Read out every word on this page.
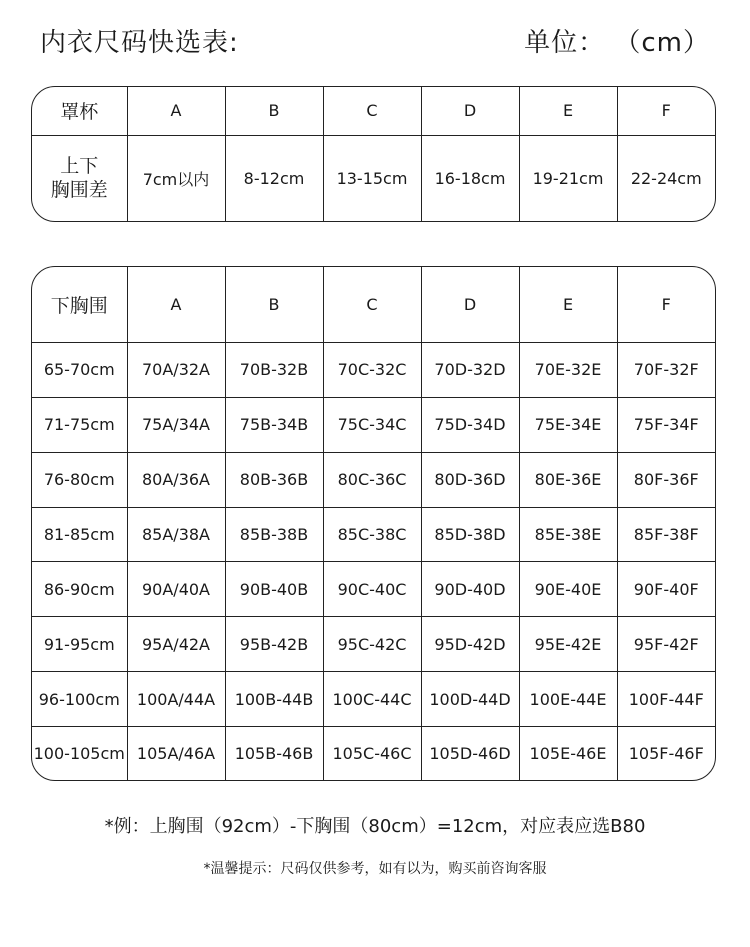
内衣尺码快选表:	单位： （cm）
罩杯	A	B	C	D	E	F

上下
胸围差	7cm以内	8-12cm	13-15cm	16-18cm	19-21cm	22-24cm
下胸围	A	B	C	D	E	F
65-70cm	70A/32A	70B-32B	70C-32C	70D-32D	70E-32E	70F-32F
71-75cm	75A/34A	75B-34B	75C-34C	75D-34D	75E-34E	75F-34F
76-80cm	80A/36A	80B-36B	80C-36C	80D-36D	80E-36E	80F-36F
81-85cm	85A/38A	85B-38B	85C-38C	85D-38D	85E-38E	85F-38F
86-90cm	90A/40A	90B-40B	90C-40C	90D-40D	90E-40E	90F-40F
91-95cm	95A/42A	95B-42B	95C-42C	95D-42D	95E-42E	95F-42F
96-100cm	100A/44A	100B-44B	100C-44C	100D-44D	100E-44E	100F-44F
100-105cm	105A/46A	105B-46B	105C-46C	105D-46D	105E-46E	105F-46F
*例：上胸围（92cm）-下胸围（80cm）=12cm，对应表应选B80
*温馨提示：尺码仅供参考，如有以为，购买前咨询客服
